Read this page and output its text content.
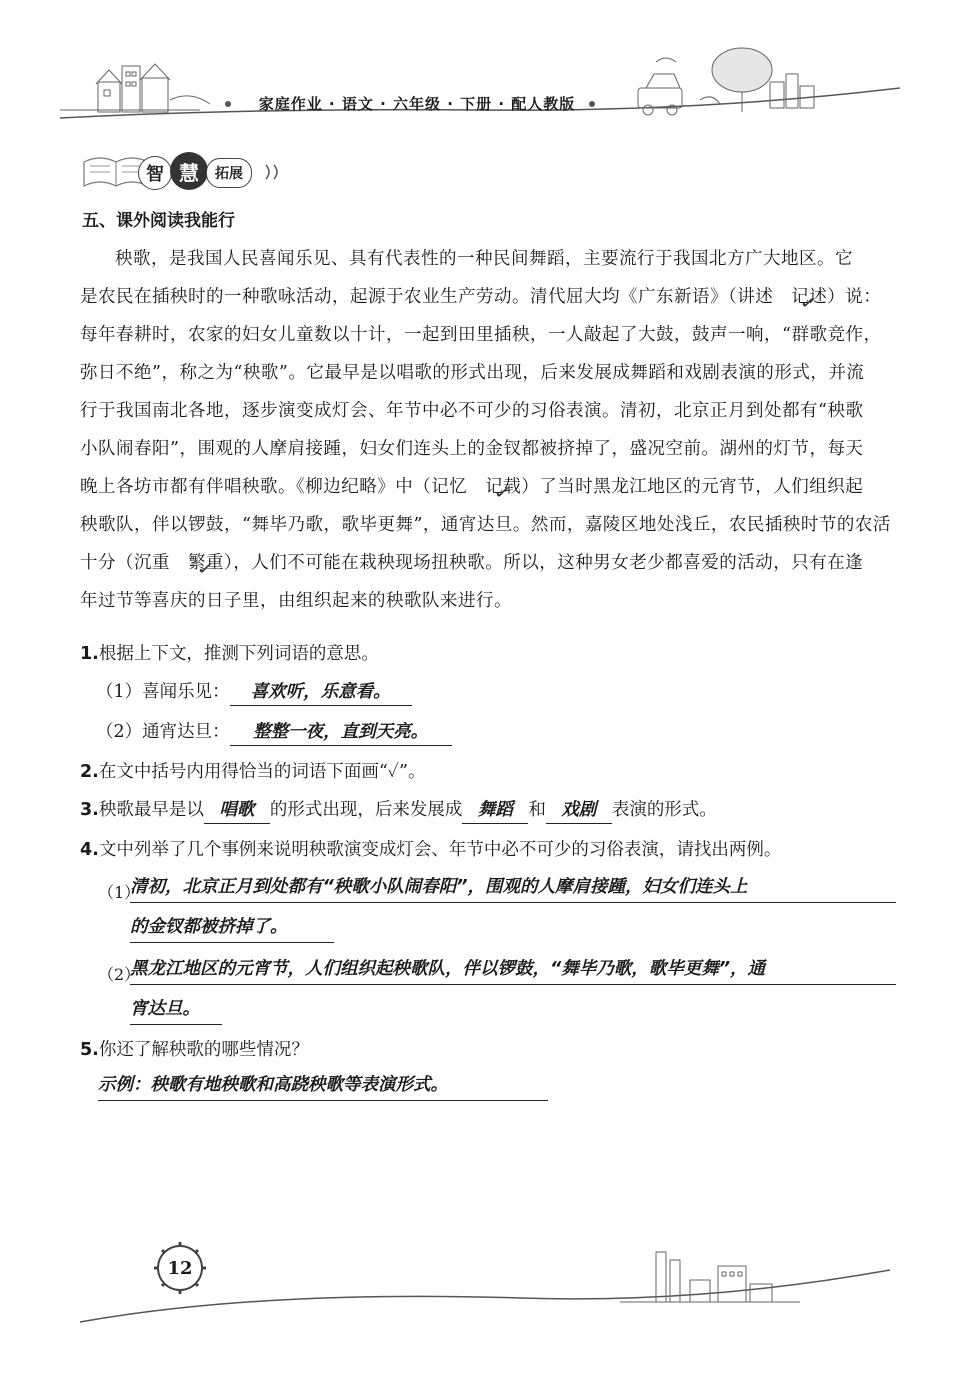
家庭作业 · 语文 · 六年级 · 下册 · 配人教版
智 慧 拓展
五、课外阅读我能行
秧歌，是我国人民喜闻乐见、具有代表性的一种民间舞蹈，主要流行于我国北方广大地区。它
是农民在插秧时的一种歌咏活动，起源于农业生产劳动。清代屈大均《广东新语》（讲述　记述 ✓）说：
每年春耕时，农家的妇女儿童数以十计，一起到田里插秧，一人敲起了大鼓，鼓声一响，“群歌竞作，
弥日不绝”，称之为“秧歌”。它最早是以唱歌的形式出现，后来发展成舞蹈和戏剧表演的形式，并流
行于我国南北各地，逐步演变成灯会、年节中必不可少的习俗表演。清初，北京正月到处都有“秧歌
小队闹春阳”，围观的人摩肩接踵，妇女们连头上的金钗都被挤掉了，盛况空前。湖州的灯节，每天
晚上各坊市都有伴唱秧歌。《柳边纪略》中（记忆　记载 ✓）了当时黑龙江地区的元宵节，人们组织起
秧歌队，伴以锣鼓，“舞毕乃歌，歌毕更舞”，通宵达旦。然而，嘉陵区地处浅丘，农民插秧时节的农活
十分（沉重　繁重 ✓），人们不可能在栽秧现场扭秧歌。所以，这种男女老少都喜爱的活动，只有在逢
年过节等喜庆的日子里，由组织起来的秧歌队来进行。
1.根据上下文，推测下列词语的意思。
（1）喜闻乐见： 喜欢听，乐意看。
（2）通宵达旦： 整整一夜，直到天亮。
2.在文中括号内用得恰当的词语下面画“✓”。
3.秧歌最早是以 唱歌 的形式出现，后来发展成 舞蹈 和 戏剧 表演的形式。
4.文中列举了几个事例来说明秧歌演变成灯会、年节中必不可少的习俗表演，请找出两例。
（1）
清初，北京正月到处都有“秧歌小队闹春阳”，围观的人摩肩接踵，妇女们连头上
的金钗都被挤掉了。
（2）
黑龙江地区的元宵节，人们组织起秧歌队，伴以锣鼓，“舞毕乃歌，歌毕更舞”，通
宵达旦。
5.你还了解秧歌的哪些情况？
示例：秧歌有地秧歌和高跷秧歌等表演形式。
12
